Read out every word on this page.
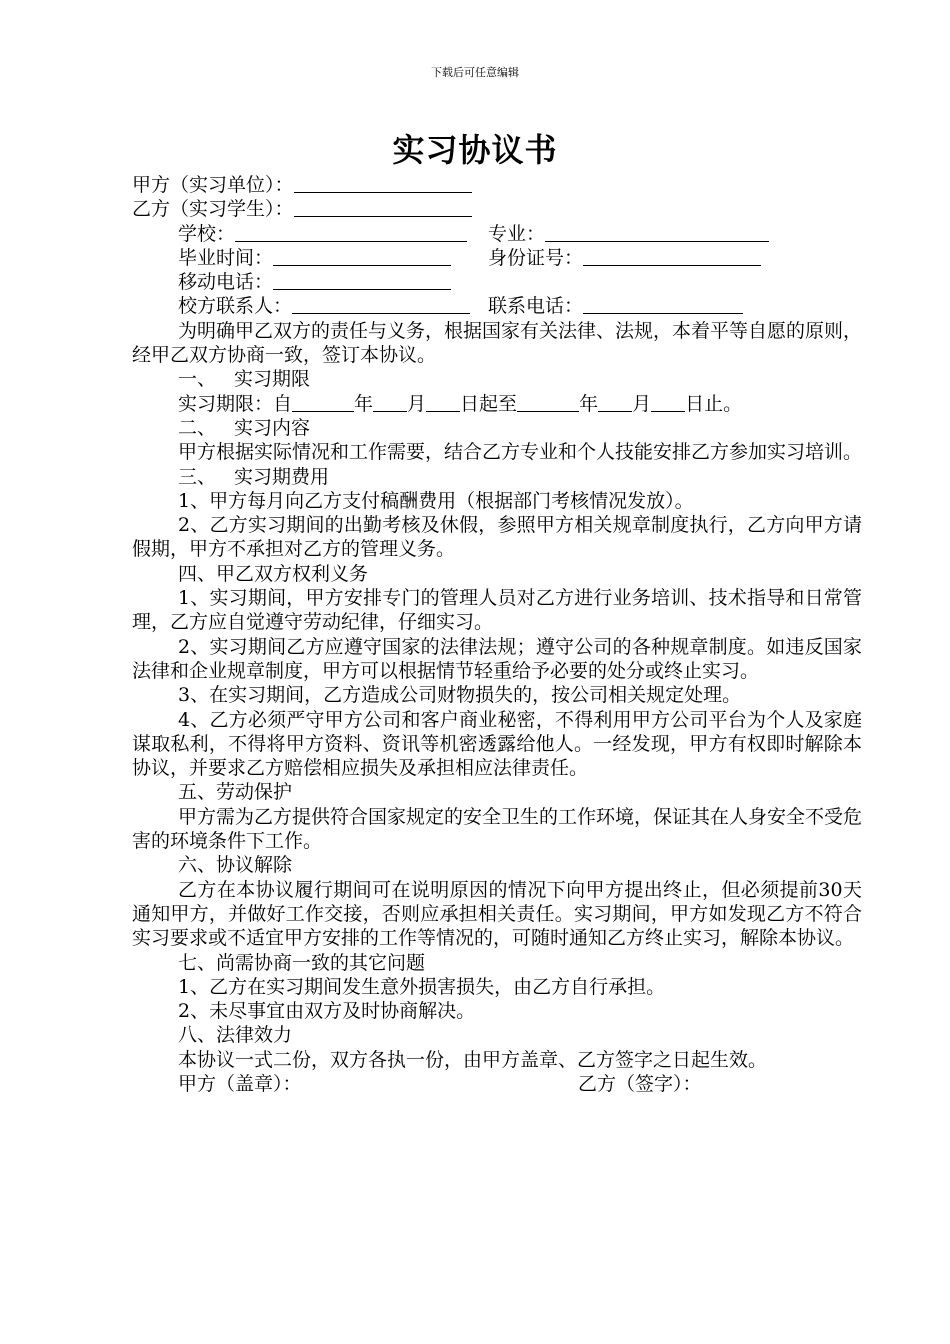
下载后可任意编辑
实习协议书
甲方（实习单位）：
乙方（实习学生）：
学校：	专业：
毕业时间：	身份证号：
移动电话：
校方联系人：	联系电话：
为明确甲乙双方的责任与义务，根据国家有关法律、法规，本着平等自愿的原则，经甲乙双方协商一致，签订本协议。
一、 实习期限
实习期限：自	年 月 日起至	年 月 日止。
二、 实习内容
甲方根据实际情况和工作需要，结合乙方专业和个人技能安排乙方参加实习培训。
三、 实习期费用
1、甲方每月向乙方支付稿酬费用（根据部门考核情况发放）。
2、乙方实习期间的出勤考核及休假，参照甲方相关规章制度执行，乙方向甲方请假期，甲方不承担对乙方的管理义务。
四、甲乙双方权利义务
1、实习期间，甲方安排专门的管理人员对乙方进行业务培训、技术指导和日常管理，乙方应自觉遵守劳动纪律，仔细实习。
2、实习期间乙方应遵守国家的法律法规；遵守公司的各种规章制度。如违反国家法律和企业规章制度，甲方可以根据情节轻重给予必要的处分或终止实习。
3、在实习期间，乙方造成公司财物损失的，按公司相关规定处理。
4、乙方必须严守甲方公司和客户商业秘密，不得利用甲方公司平台为个人及家庭谋取私利，不得将甲方资料、资讯等机密透露给他人。一经发现，甲方有权即时解除本协议，并要求乙方赔偿相应损失及承担相应法律责任。
五、劳动保护
甲方需为乙方提供符合国家规定的安全卫生的工作环境，保证其在人身安全不受危害的环境条件下工作。
六、协议解除
乙方在本协议履行期间可在说明原因的情况下向甲方提出终止，但必须提前30天通知甲方，并做好工作交接，否则应承担相关责任。实习期间，甲方如发现乙方不符合实习要求或不适宜甲方安排的工作等情况的，可随时通知乙方终止实习，解除本协议。
七、尚需协商一致的其它问题
1、乙方在实习期间发生意外损害损失，由乙方自行承担。
2、未尽事宜由双方及时协商解决。
八、法律效力
本协议一式二份，双方各执一份，由甲方盖章、乙方签字之日起生效。
甲方（盖章）：	乙方（签字）：
